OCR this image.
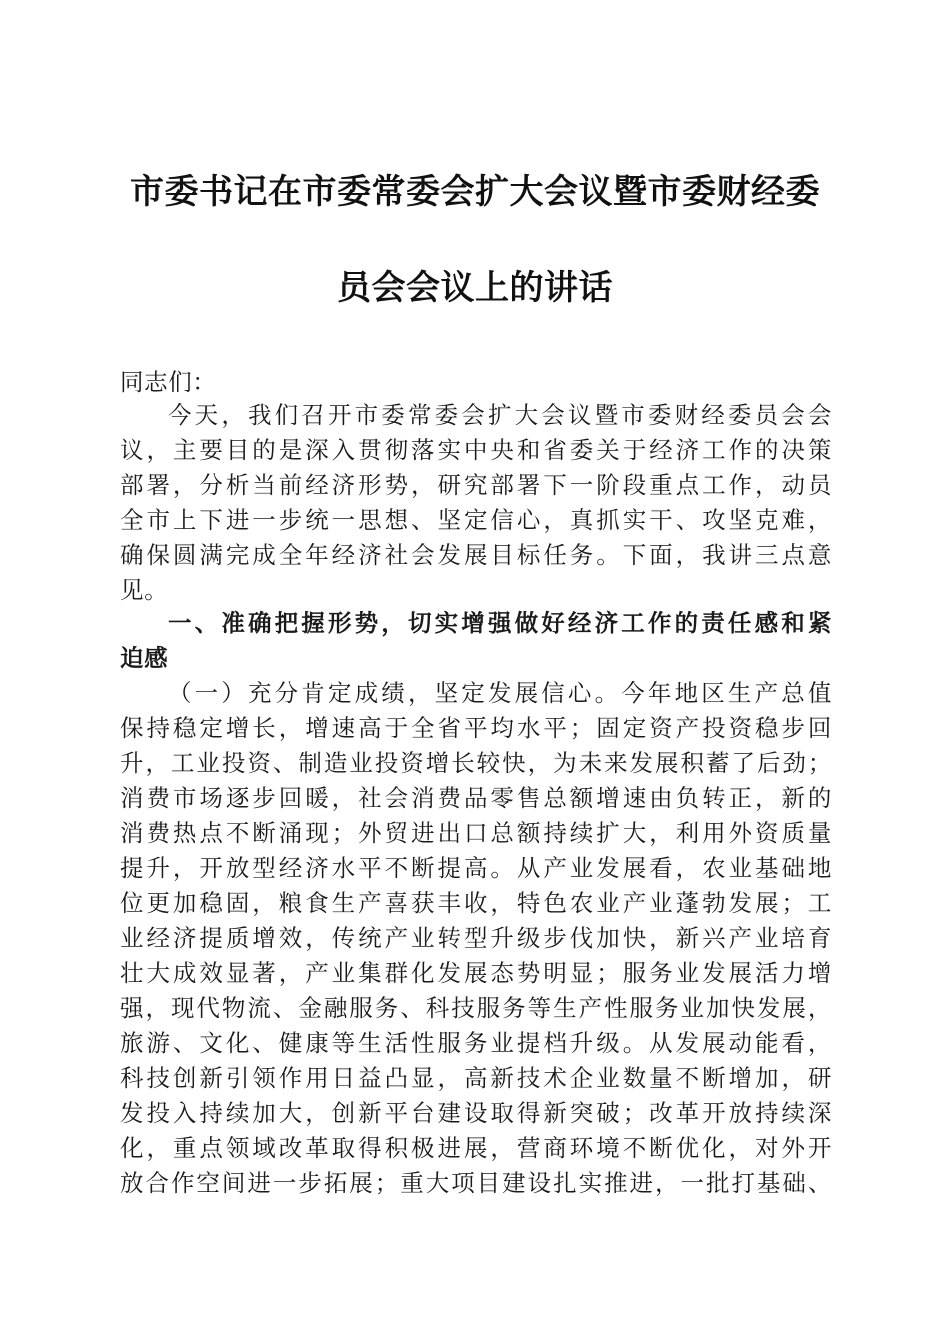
市委书记在市委常委会扩大会议暨市委财经委
员会会议上的讲话
同志们：
今天，我们召开市委常委会扩大会议暨市委财经委员会会
议，主要目的是深入贯彻落实中央和省委关于经济工作的决策
部署，分析当前经济形势，研究部署下一阶段重点工作，动员
全市上下进一步统一思想、坚定信心，真抓实干、攻坚克难，
确保圆满完成全年经济社会发展目标任务。下面，我讲三点意
见。
一、准确把握形势，切实增强做好经济工作的责任感和紧
迫感
（一）充分肯定成绩，坚定发展信心。今年地区生产总值
保持稳定增长，增速高于全省平均水平；固定资产投资稳步回
升，工业投资、制造业投资增长较快，为未来发展积蓄了后劲；
消费市场逐步回暖，社会消费品零售总额增速由负转正，新的
消费热点不断涌现；外贸进出口总额持续扩大，利用外资质量
提升，开放型经济水平不断提高。从产业发展看，农业基础地
位更加稳固，粮食生产喜获丰收，特色农业产业蓬勃发展；工
业经济提质增效，传统产业转型升级步伐加快，新兴产业培育
壮大成效显著，产业集群化发展态势明显；服务业发展活力增
强，现代物流、金融服务、科技服务等生产性服务业加快发展，
旅游、文化、健康等生活性服务业提档升级。从发展动能看，
科技创新引领作用日益凸显，高新技术企业数量不断增加，研
发投入持续加大，创新平台建设取得新突破；改革开放持续深
化，重点领域改革取得积极进展，营商环境不断优化，对外开
放合作空间进一步拓展；重大项目建设扎实推进，一批打基础、
